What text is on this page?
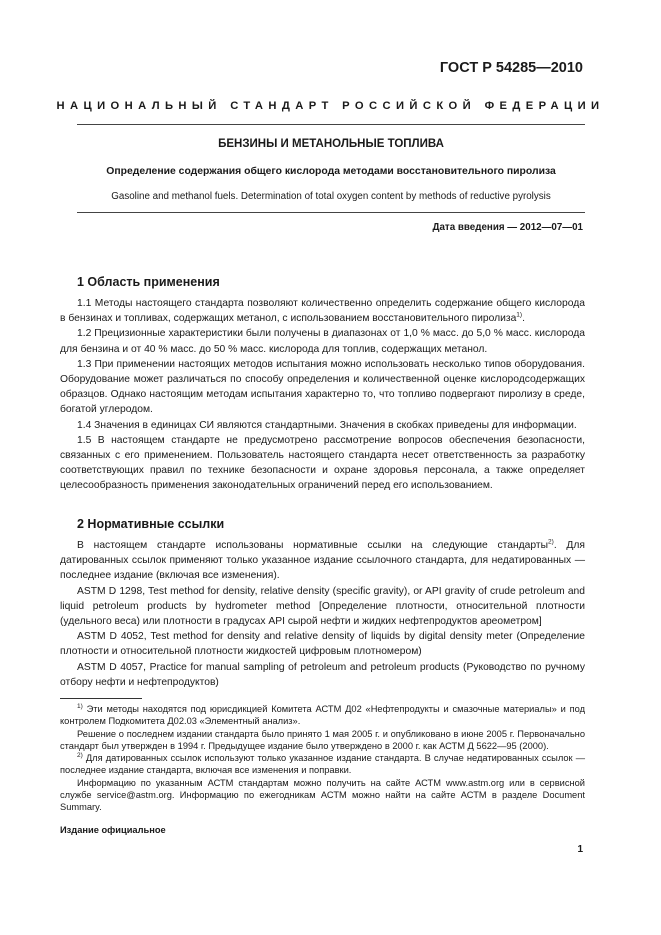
ГОСТ Р 54285—2010
НАЦИОНАЛЬНЫЙ СТАНДАРТ РОССИЙСКОЙ ФЕДЕРАЦИИ
БЕНЗИНЫ И МЕТАНОЛЬНЫЕ ТОПЛИВА
Определение содержания общего кислорода методами восстановительного пиролиза
Gasoline and methanol fuels. Determination of total oxygen content by methods of reductive pyrolysis
Дата введения — 2012—07—01
1 Область применения

1.1 Методы настоящего стандарта позволяют количественно определить содержание общего кислорода в бензинах и топливах, содержащих метанол, с использованием восстановительного пиролиза$^{1)}$.

1.2 Прецизионные характеристики были получены в диапазонах от 1,0 % масс. до 5,0 % масс. кислорода для бензина и от 40 % масс. до 50 % масс. кислорода для топлив, содержащих метанол.

1.3 При применении настоящих методов испытания можно использовать несколько типов оборудования. Оборудование может различаться по способу определения и количественной оценке кислородсодержащих образцов. Однако настоящим методам испытания характерно то, что топливо подвергают пиролизу в среде, богатой углеродом.

1.4 Значения в единицах СИ являются стандартными. Значения в скобках приведены для информации.

1.5 В настоящем стандарте не предусмотрено рассмотрение вопросов обеспечения безопасности, связанных с его применением. Пользователь настоящего стандарта несет ответственность за разработку соответствующих правил по технике безопасности и охране здоровья персонала, а также определяет целесообразность применения законодательных ограничений перед его использованием.

2 Нормативные ссылки

В настоящем стандарте использованы нормативные ссылки на следующие стандарты$^{2)}$. Для датированных ссылок применяют только указанное издание ссылочного стандарта, для недатированных — последнее издание (включая все изменения).

ASTM D 1298, Test method for density, relative density (specific gravity), or API gravity of crude petroleum and liquid petroleum products by hydrometer method [Определение плотности, относительной плотности (удельного веса) или плотности в градусах API сырой нефти и жидких нефтепродуктов ареометром]

ASTM D 4052, Test method for density and relative density of liquids by digital density meter (Определение плотности и относительной плотности жидкостей цифровым плотномером)

ASTM D 4057, Practice for manual sampling of petroleum and petroleum products (Руководство по ручному отбору нефти и нефтепродуктов)

$^{1)}$ Эти методы находятся под юрисдикцией Комитета АСТМ Д02 «Нефтепродукты и смазочные материалы» и под контролем Подкомитета Д02.03 «Элементный анализ».

Решение о последнем издании стандарта было принято 1 мая 2005 г. и опубликовано в июне 2005 г. Первоначально стандарт был утвержден в 1994 г. Предыдущее издание было утверждено в 2000 г. как АСТМ Д 5622—95 (2000).

$^{2)}$ Для датированных ссылок используют только указанное издание стандарта. В случае недатированных ссылок — последнее издание стандарта, включая все изменения и поправки.

Информацию по указанным АСТМ стандартам можно получить на сайте АСТМ www.astm.org или в сервисной службе service@astm.org. Информацию по ежегодникам АСТМ можно найти на сайте АСТМ в разделе Document Summary.

Издание официальное
1
